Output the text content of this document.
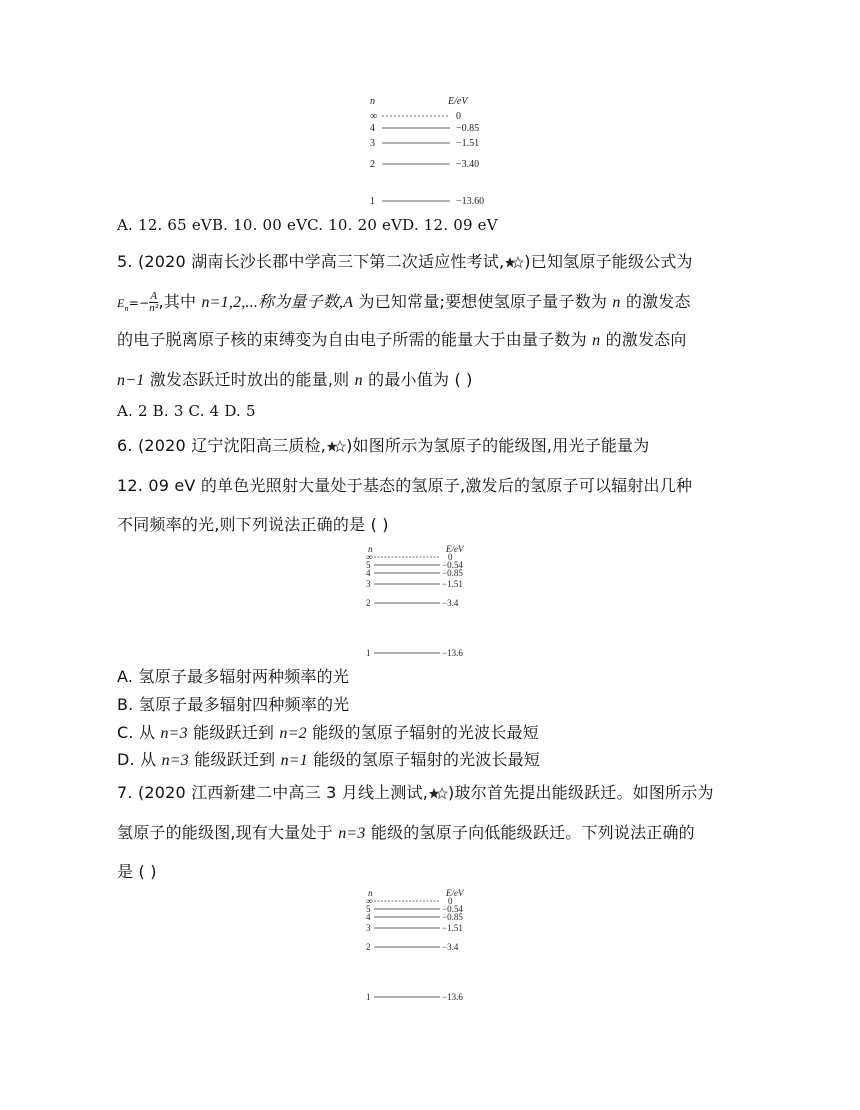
n	E/eV
∞	0
4	−0.85
3	−1.51
2	−3.40
1	−13.60
A. 12. 65 eVB. 10. 00 eVC. 10. 20 eVD. 12. 09 eV
5. (2020 湖南长沙长郡中学高三下第二次适应性考试, )已知氢原子能级公式为
$E_n=- \frac{A}{\text{n²}}$ ,其中 n=1,2,...称为量子数,A 为已知常量;要想使氢原子量子数为 n 的激发态
的电子脱离原子核的束缚变为自由电子所需的能量大于由量子数为 n 的激发态向
n−1 激发态跃迁时放出的能量,则 n 的最小值为 ( )
A. 2 B. 3 C. 4 D. 5
6. (2020 辽宁沈阳高三质检, )如图所示为氢原子的能级图,用光子能量为
12. 09 eV 的单色光照射大量处于基态的氢原子,激发后的氢原子可以辐射出几种
不同频率的光,则下列说法正确的是 ( )
n	E/eV
∞	0
5	−0.54
4	−0.85
3	−1.51
2	−3.4
1	−13.6
A. 氢原子最多辐射两种频率的光
B. 氢原子最多辐射四种频率的光
C. 从 n=3 能级跃迁到 n=2 能级的氢原子辐射的光波长最短
D. 从 n=3 能级跃迁到 n=1 能级的氢原子辐射的光波长最短
7. (2020 江西新建二中高三 3 月线上测试, )玻尔首先提出能级跃迁。如图所示为
氢原子的能级图,现有大量处于 n=3 能级的氢原子向低能级跃迁。下列说法正确的
是 ( )
n	E/eV
∞	0
5	−0.54
4	−0.85
3	−1.51
2	−3.4
1	−13.6
